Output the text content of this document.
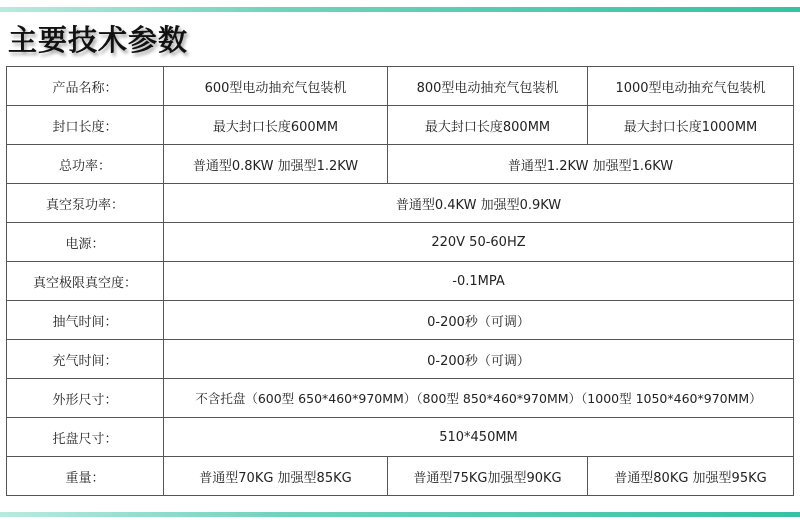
主要技术参数
产品名称：	600型电动抽充气包装机	800型电动抽充气包装机	1000型电动抽充气包装机
封口长度：	最大封口长度600MM	最大封口长度800MM	最大封口长度1000MM
总功率：	普通型0.8KW 加强型1.2KW	普通型1.2KW 加强型1.6KW	
真空泵功率：	普通型0.4KW 加强型0.9KW		
电源：	220V 50-60HZ		
真空极限真空度：	-0.1MPA		
抽气时间：	0-200秒（可调）		
充气时间：	0-200秒（可调）		
外形尺寸：	不含托盘（600型 650*460*970MM）（800型 850*460*970MM）（1000型 1050*460*970MM）		
托盘尺寸：	510*450MM		
重量：	普通型70KG 加强型85KG	普通型75KG加强型90KG	普通型80KG 加强型95KG
